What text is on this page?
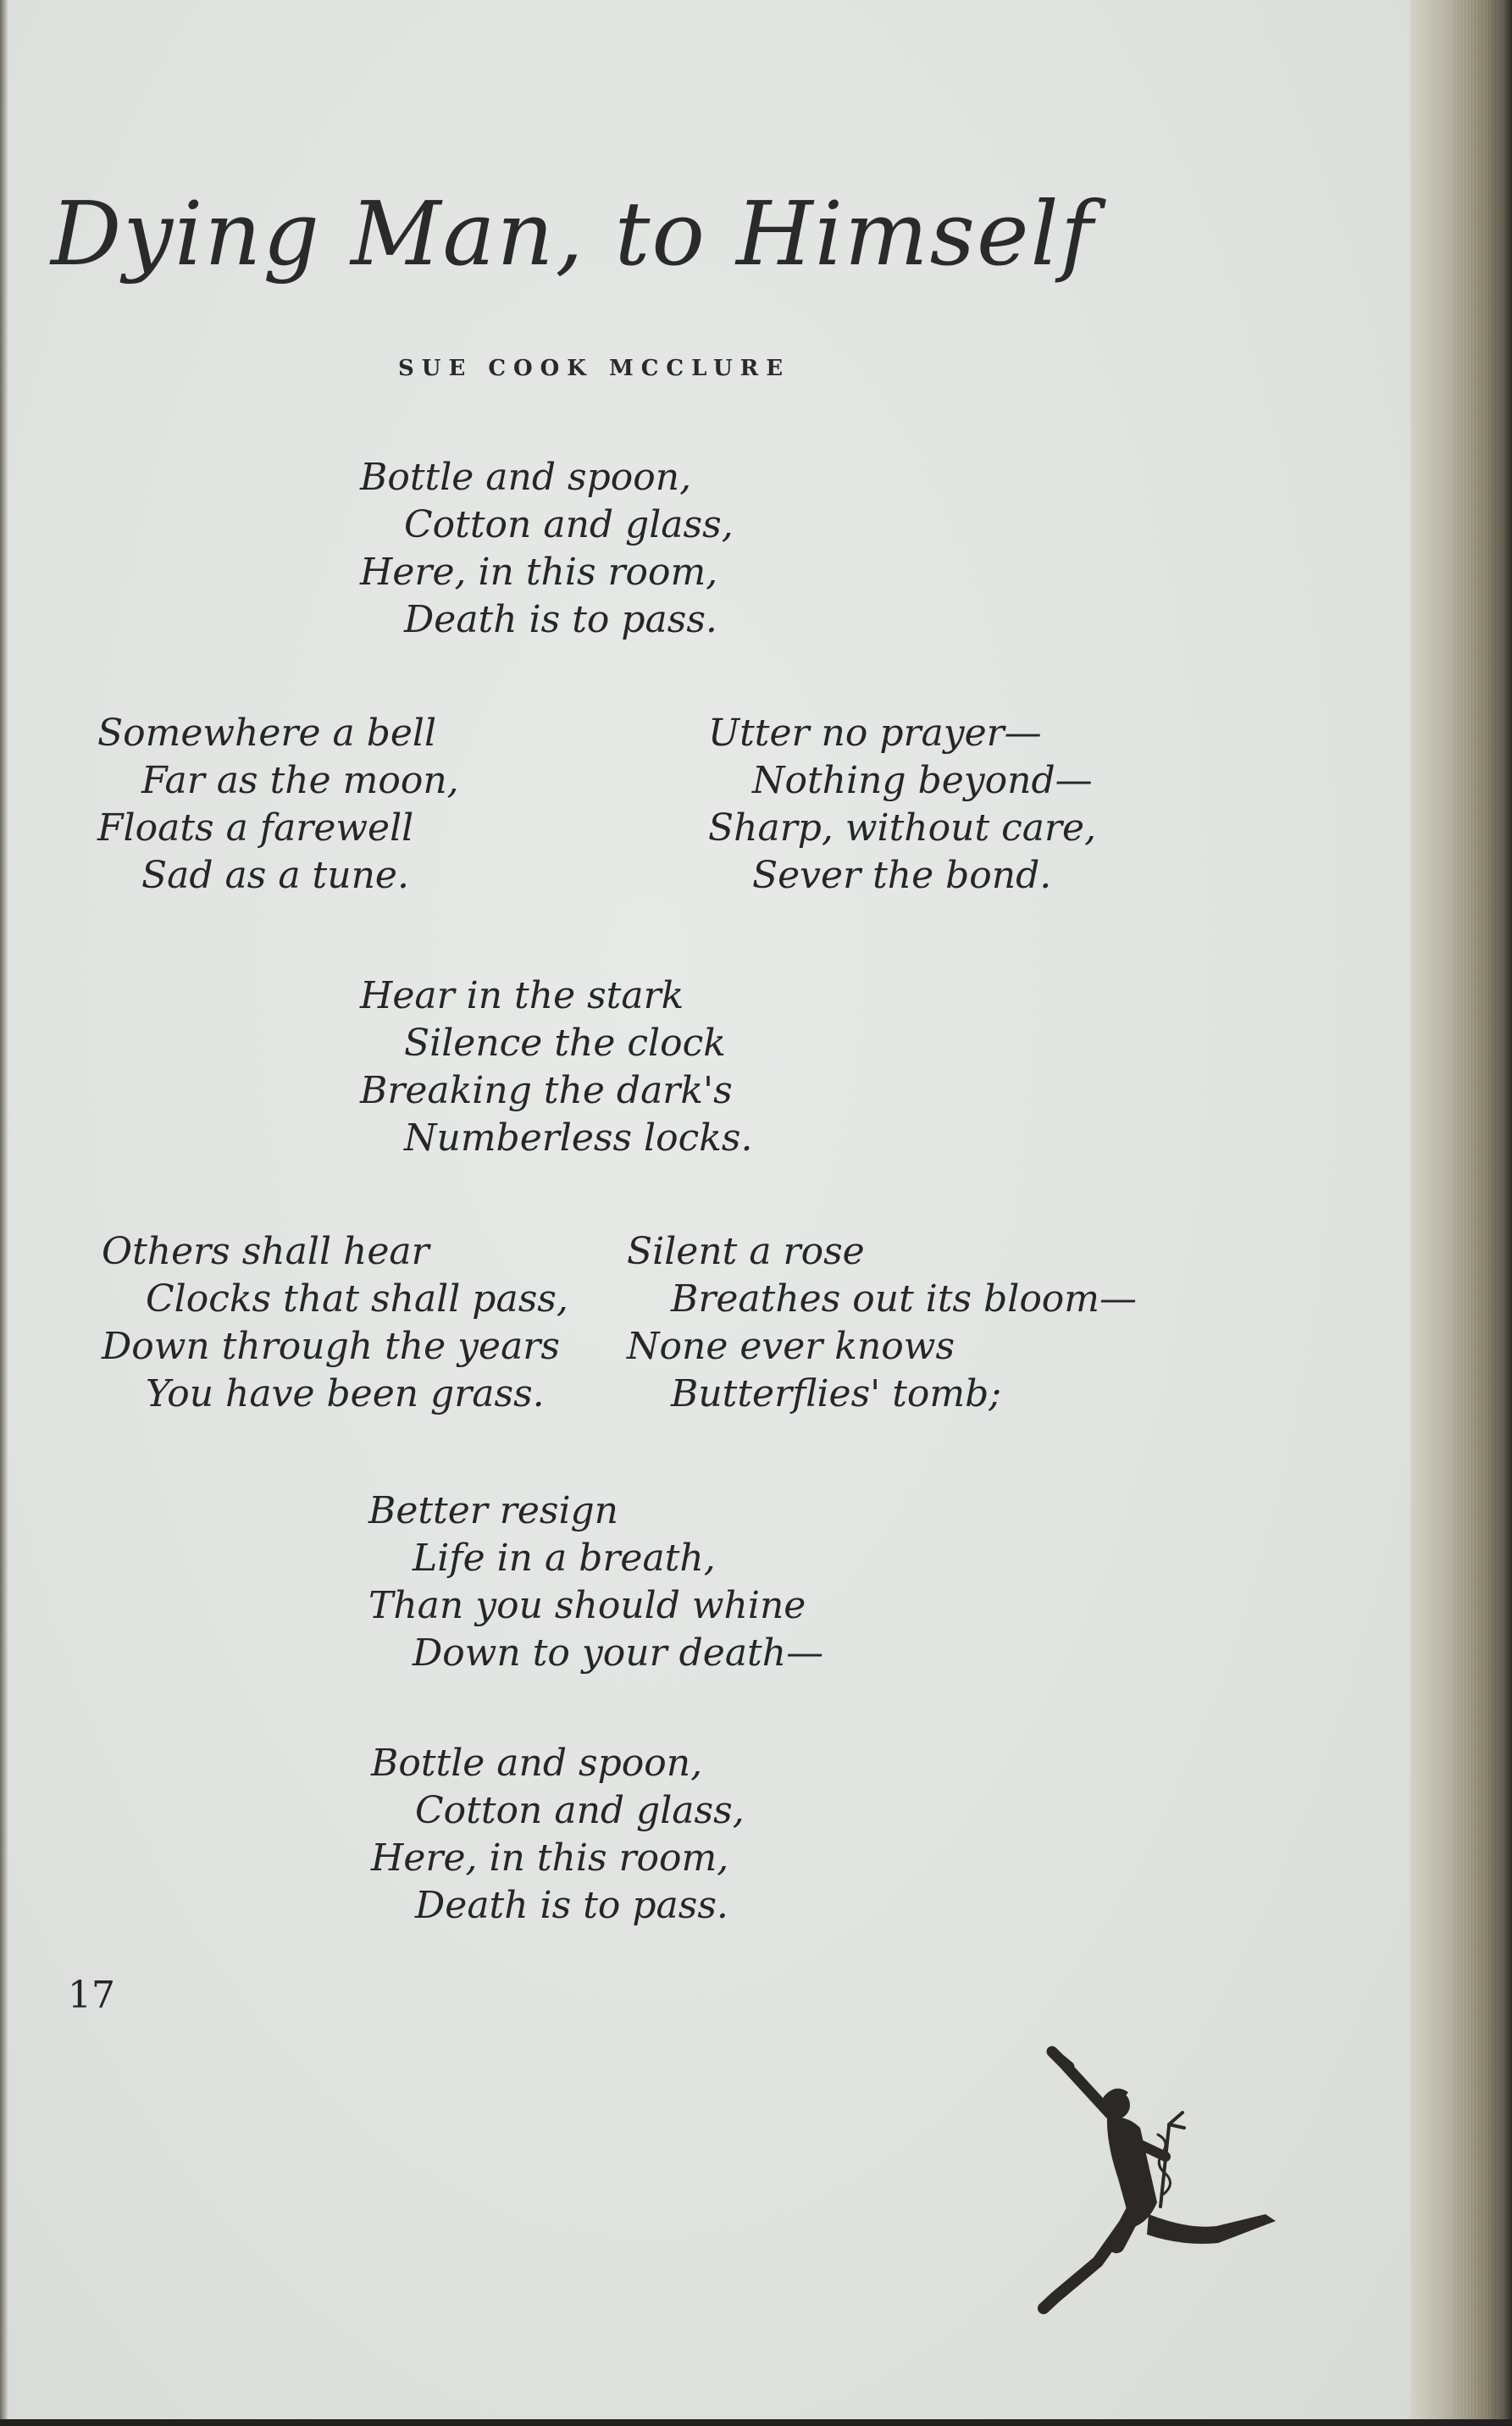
Dying Man, to Himself
SUE COOK MCCLURE
Bottle and spoon,
Cotton and glass,
Here, in this room,
Death is to pass.
Somewhere a bell
Far as the moon,
Floats a farewell
Sad as a tune.
Utter no prayer—
Nothing beyond—
Sharp, without care,
Sever the bond.
Hear in the stark
Silence the clock
Breaking the dark's
Numberless locks.
Others shall hear
Clocks that shall pass,
Down through the years
You have been grass.
Silent a rose
Breathes out its bloom—
None ever knows
Butterflies' tomb;
Better resign
Life in a breath,
Than you should whine
Down to your death—
Bottle and spoon,
Cotton and glass,
Here, in this room,
Death is to pass.
17
